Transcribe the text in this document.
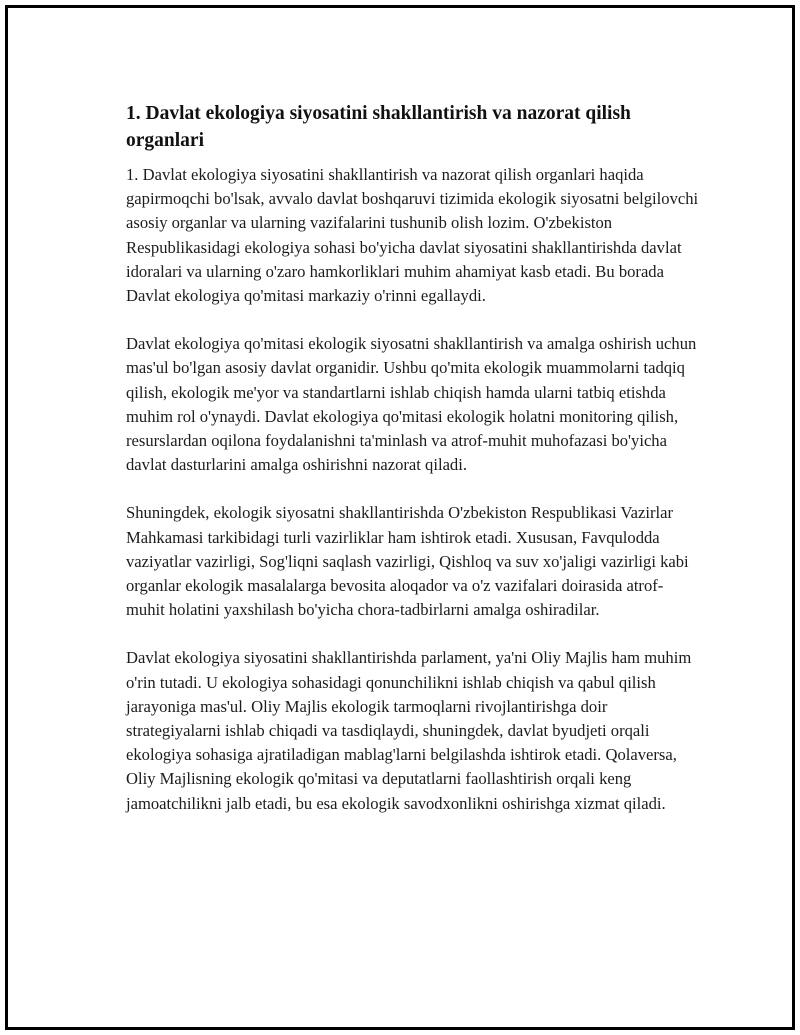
1. Davlat ekologiya siyosatini shakllantirish va nazorat qilish organlari

1. Davlat ekologiya siyosatini shakllantirish va nazorat qilish organlari haqida gapirmoqchi bo'lsak, avvalo davlat boshqaruvi tizimida ekologik siyosatni belgilovchi asosiy organlar va ularning vazifalarini tushunib olish lozim. O'zbekiston Respublikasidagi ekologiya sohasi bo'yicha davlat siyosatini shakllantirishda davlat idoralari va ularning o'zaro hamkorliklari muhim ahamiyat kasb etadi. Bu borada Davlat ekologiya qo'mitasi markaziy o'rinni egallaydi.

Davlat ekologiya qo'mitasi ekologik siyosatni shakllantirish va amalga oshirish uchun mas'ul bo'lgan asosiy davlat organidir. Ushbu qo'mita ekologik muammolarni tadqiq qilish, ekologik me'yor va standartlarni ishlab chiqish hamda ularni tatbiq etishda muhim rol o'ynaydi. Davlat ekologiya qo'mitasi ekologik holatni monitoring qilish, resurslardan oqilona foydalanishni ta'minlash va atrof-muhit muhofazasi bo'yicha davlat dasturlarini amalga oshirishni nazorat qiladi.

Shuningdek, ekologik siyosatni shakllantirishda O'zbekiston Respublikasi Vazirlar Mahkamasi tarkibidagi turli vazirliklar ham ishtirok etadi. Xususan, Favqulodda vaziyatlar vazirligi, Sog'liqni saqlash vazirligi, Qishloq va suv xo'jaligi vazirligi kabi organlar ekologik masalalarga bevosita aloqador va o'z vazifalari doirasida atrof-muhit holatini yaxshilash bo'yicha chora-tadbirlarni amalga oshiradilar.

Davlat ekologiya siyosatini shakllantirishda parlament, ya'ni Oliy Majlis ham muhim o'rin tutadi. U ekologiya sohasidagi qonunchilikni ishlab chiqish va qabul qilish jarayoniga mas'ul. Oliy Majlis ekologik tarmoqlarni rivojlantirishga doir strategiyalarni ishlab chiqadi va tasdiqlaydi, shuningdek, davlat byudjeti orqali ekologiya sohasiga ajratiladigan mablag'larni belgilashda ishtirok etadi. Qolaversa, Oliy Majlisning ekologik qo'mitasi va deputatlarni faollashtirish orqali keng jamoatchilikni jalb etadi, bu esa ekologik savodxonlikni oshirishga xizmat qiladi.
